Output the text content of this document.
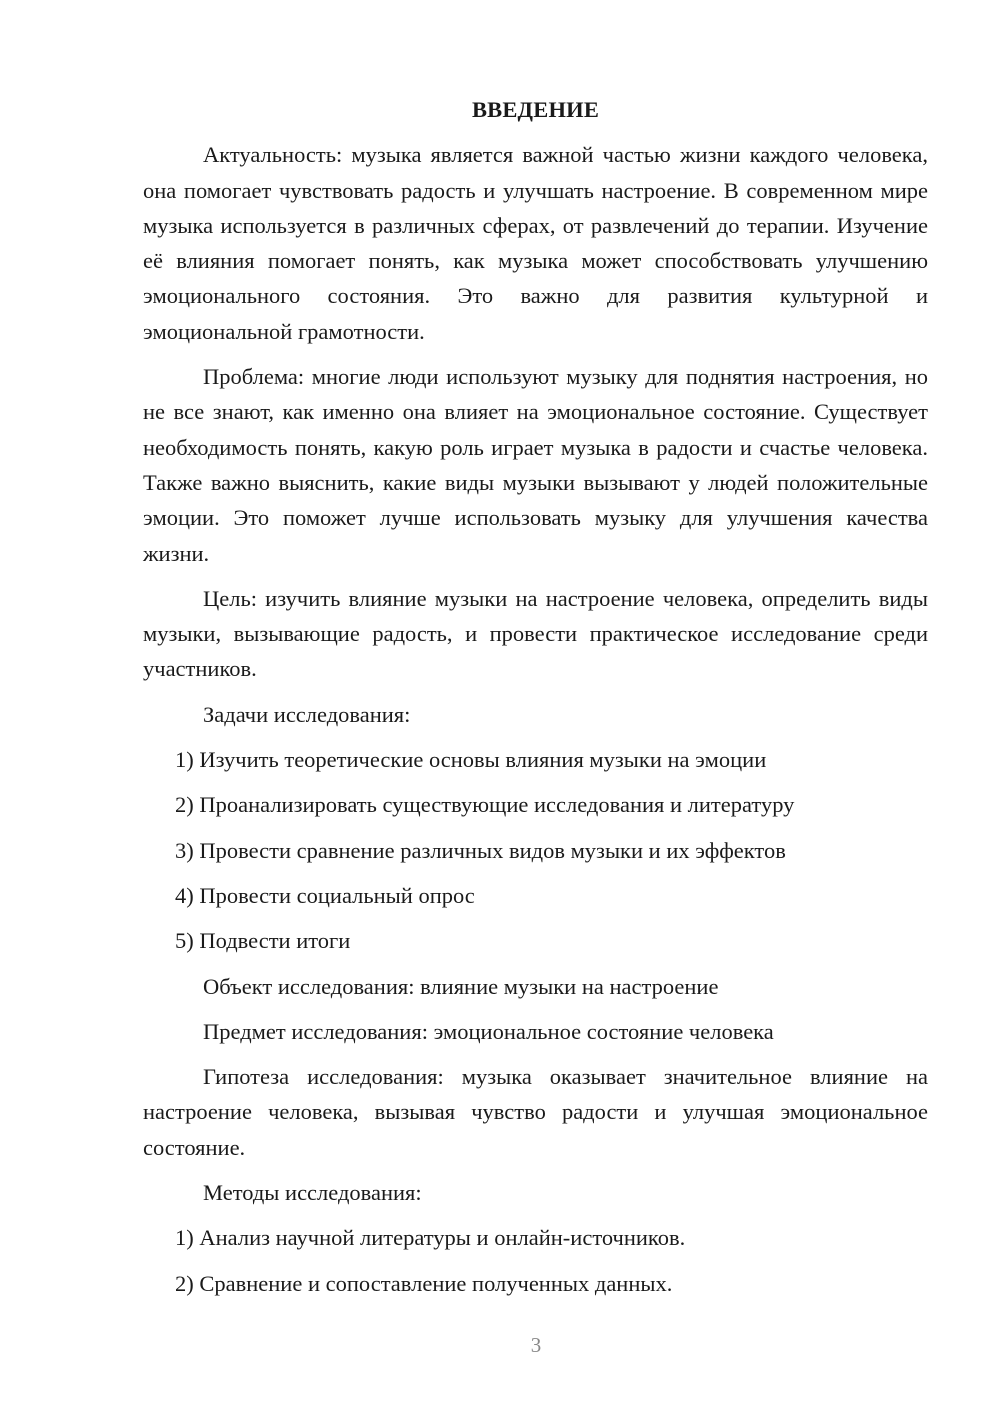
ВВЕДЕНИЕ
Актуальность: музыка является важной частью жизни каждого человека, она помогает чувствовать радость и улучшать настроение. В современном мире музыка используется в различных сферах, от развлечений до терапии. Изучение её влияния помогает понять, как музыка может способствовать улучшению эмоционального состояния. Это важно для развития культурной и эмоциональной грамотности.
Проблема: многие люди используют музыку для поднятия настроения, но не все знают, как именно она влияет на эмоциональное состояние. Существует необходимость понять, какую роль играет музыка в радости и счастье человека. Также важно выяснить, какие виды музыки вызывают у людей положительные эмоции. Это поможет лучше использовать музыку для улучшения качества жизни.
Цель: изучить влияние музыки на настроение человека, определить виды музыки, вызывающие радость, и провести практическое исследование среди участников.
Задачи исследования:
1) Изучить теоретические основы влияния музыки на эмоции
2) Проанализировать существующие исследования и литературу
3) Провести сравнение различных видов музыки и их эффектов
4) Провести социальный опрос
5) Подвести итоги
Объект исследования: влияние музыки на настроение
Предмет исследования: эмоциональное состояние человека
Гипотеза исследования: музыка оказывает значительное влияние на настроение человека, вызывая чувство радости и улучшая эмоциональное состояние.
Методы исследования:
1) Анализ научной литературы и онлайн-источников.
2) Сравнение и сопоставление полученных данных.
3
